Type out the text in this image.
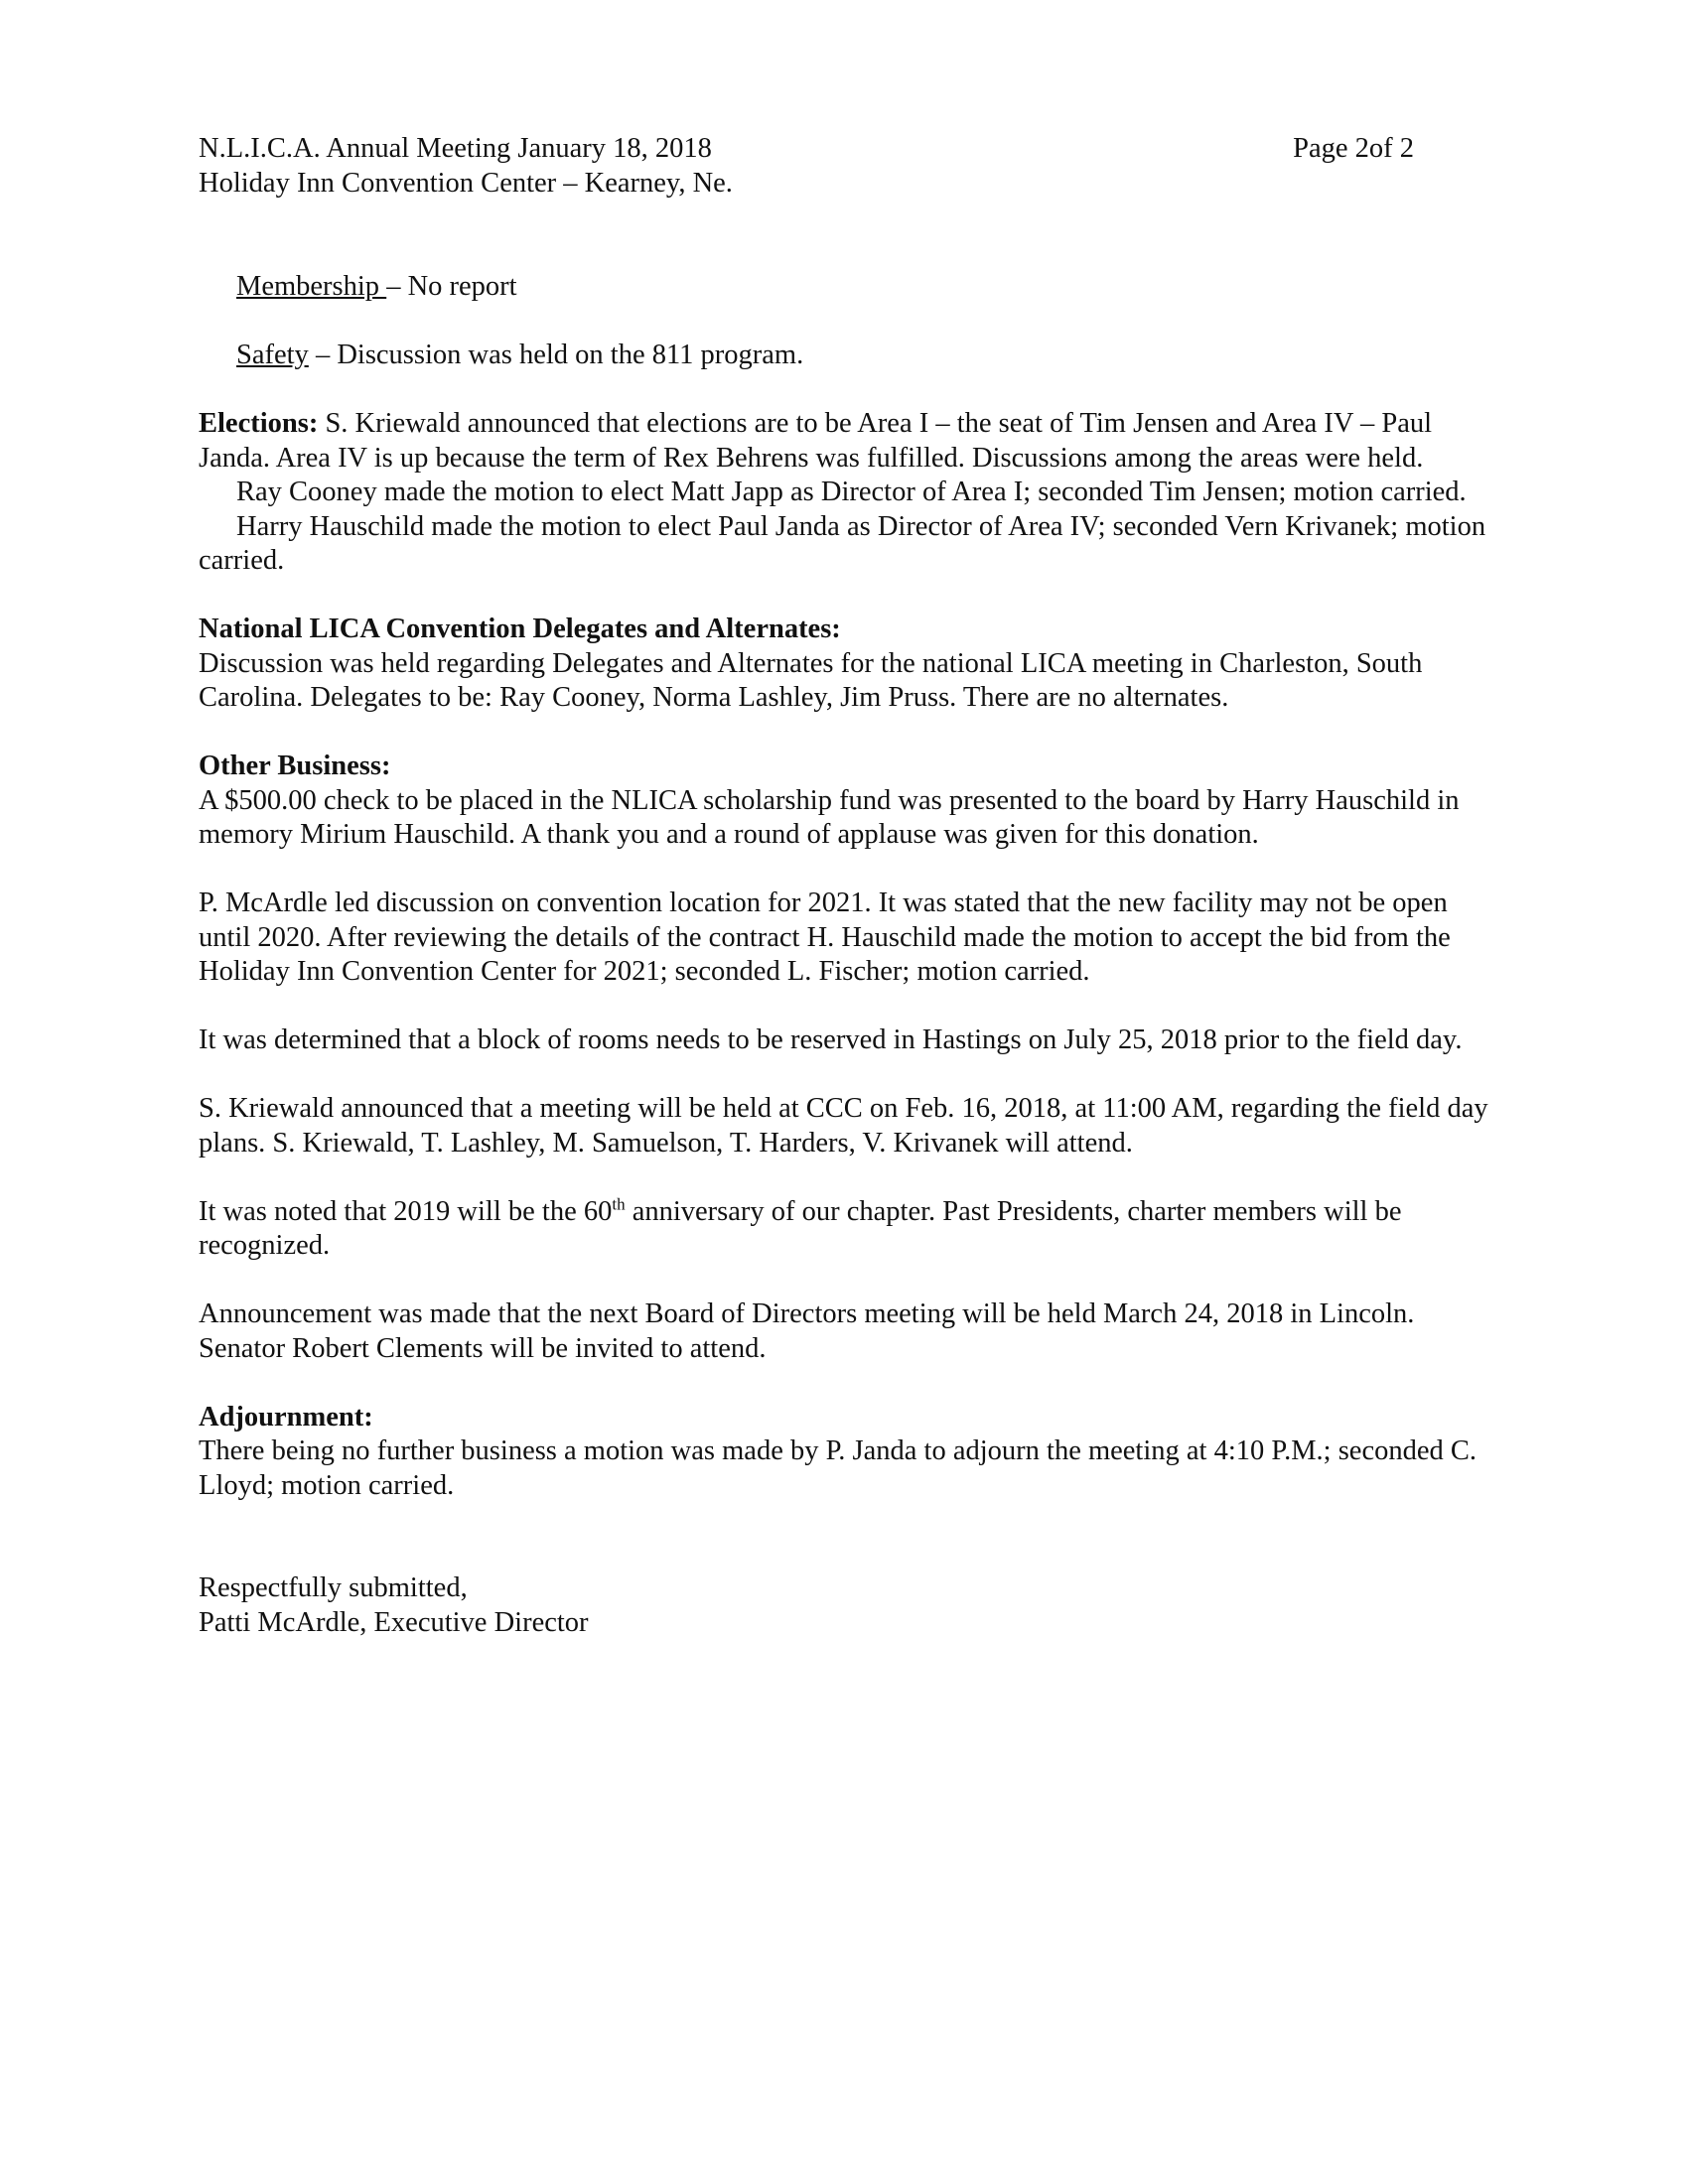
N.L.I.C.A. Annual Meeting January 18, 2018
Holiday Inn Convention Center – Kearney, Ne.
Page 2of 2

Membership – No report

Safety – Discussion was held on the 811 program.

Elections: S. Kriewald announced that elections are to be Area I – the seat of Tim Jensen and Area IV – Paul Janda. Area IV is up because the term of Rex Behrens was fulfilled. Discussions among the areas were held.

Ray Cooney made the motion to elect Matt Japp as Director of Area I; seconded Tim Jensen; motion carried.

Harry Hauschild made the motion to elect Paul Janda as Director of Area IV; seconded Vern Krivanek; motion carried.

National LICA Convention Delegates and Alternates:

Discussion was held regarding Delegates and Alternates for the national LICA meeting in Charleston, South Carolina. Delegates to be: Ray Cooney, Norma Lashley, Jim Pruss. There are no alternates.

Other Business:

A $500.00 check to be placed in the NLICA scholarship fund was presented to the board by Harry Hauschild in memory Mirium Hauschild. A thank you and a round of applause was given for this donation.

P. McArdle led discussion on convention location for 2021. It was stated that the new facility may not be open until 2020. After reviewing the details of the contract H. Hauschild made the motion to accept the bid from the Holiday Inn Convention Center for 2021; seconded L. Fischer; motion carried.

It was determined that a block of rooms needs to be reserved in Hastings on July 25, 2018 prior to the field day.

S. Kriewald announced that a meeting will be held at CCC on Feb. 16, 2018, at 11:00 AM, regarding the field day plans. S. Kriewald, T. Lashley, M. Samuelson, T. Harders, V. Krivanek will attend.

It was noted that 2019 will be the 60th anniversary of our chapter. Past Presidents, charter members will be recognized.

Announcement was made that the next Board of Directors meeting will be held March 24, 2018 in Lincoln. Senator Robert Clements will be invited to attend.

Adjournment:

There being no further business a motion was made by P. Janda to adjourn the meeting at 4:10 P.M.; seconded C. Lloyd; motion carried.

Respectfully submitted,

Patti McArdle, Executive Director
